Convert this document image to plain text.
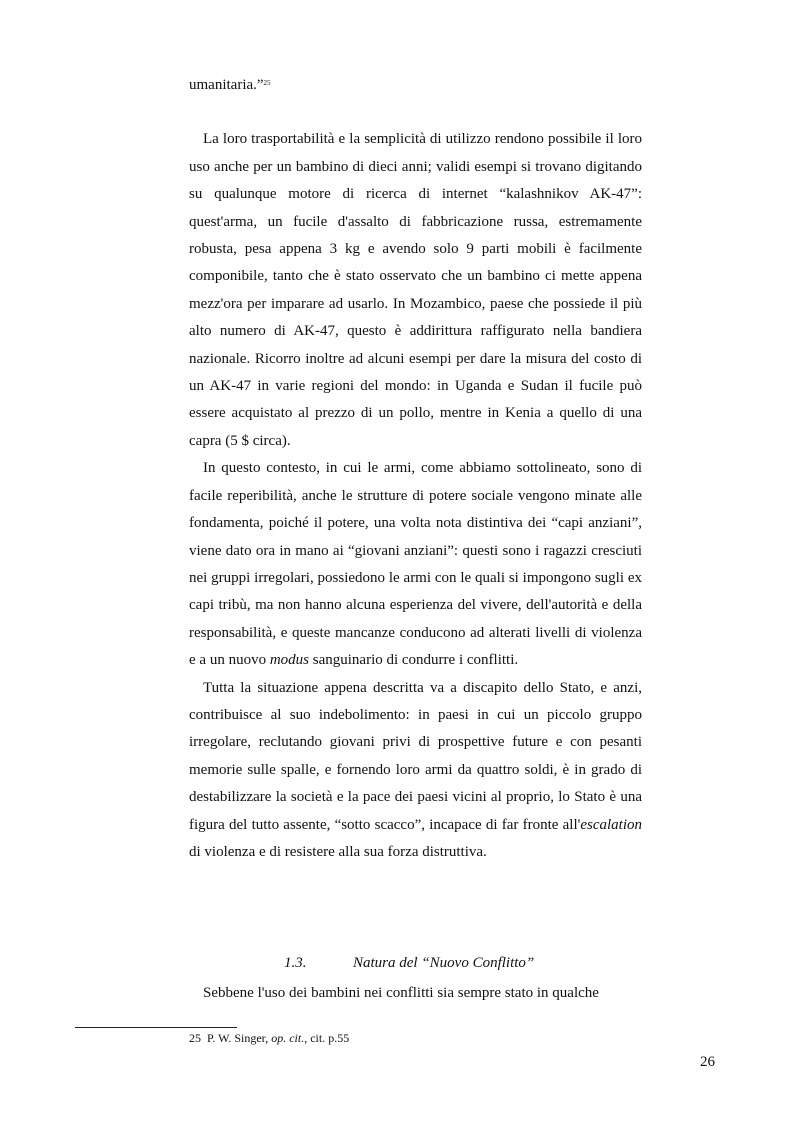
umanitaria.”$^{25}$

La loro trasportabilità e la semplicità di utilizzo rendono possibile il loro uso anche per un bambino di dieci anni; validi esempi si trovano digitando su qualunque motore di ricerca di internet “kalashnikov AK-47”: quest'arma, un fucile d'assalto di fabbricazione russa, estremamente robusta, pesa appena 3 kg e avendo solo 9 parti mobili è facilmente componibile, tanto che è stato osservato che un bambino ci mette appena mezz'ora per imparare ad usarlo. In Mozambico, paese che possiede il più alto numero di AK-47, questo è addirittura raffigurato nella bandiera nazionale. Ricorro inoltre ad alcuni esempi per dare la misura del costo di un AK-47 in varie regioni del mondo: in Uganda e Sudan il fucile può essere acquistato al prezzo di un pollo, mentre in Kenia a quello di una capra (5 $ circa).

In questo contesto, in cui le armi, come abbiamo sottolineato, sono di facile reperibilità, anche le strutture di potere sociale vengono minate alle fondamenta, poiché il potere, una volta nota distintiva dei “capi anziani”, viene dato ora in mano ai “giovani anziani”: questi sono i ragazzi cresciuti nei gruppi irregolari, possiedono le armi con le quali si impongono sugli ex capi tribù, ma non hanno alcuna esperienza del vivere, dell'autorità e della responsabilità, e queste mancanze conducono ad alterati livelli di violenza e a un nuovo modus sanguinario di condurre i conflitti.

Tutta la situazione appena descritta va a discapito dello Stato, e anzi, contribuisce al suo indebolimento: in paesi in cui un piccolo gruppo irregolare, reclutando giovani privi di prospettive future e con pesanti memorie sulle spalle, e fornendo loro armi da quattro soldi, è in grado di destabilizzare la società e la pace dei paesi vicini al proprio, lo Stato è una figura del tutto assente, “sotto scacco”, incapace di far fronte all'escalation di violenza e di resistere alla sua forza distruttiva.

1.3.	Natura del “Nuovo Conflitto”

Sebbene l'uso dei bambini nei conflitti sia sempre stato in qualche

25 P. W. Singer, op. cit., cit. p.55
26
